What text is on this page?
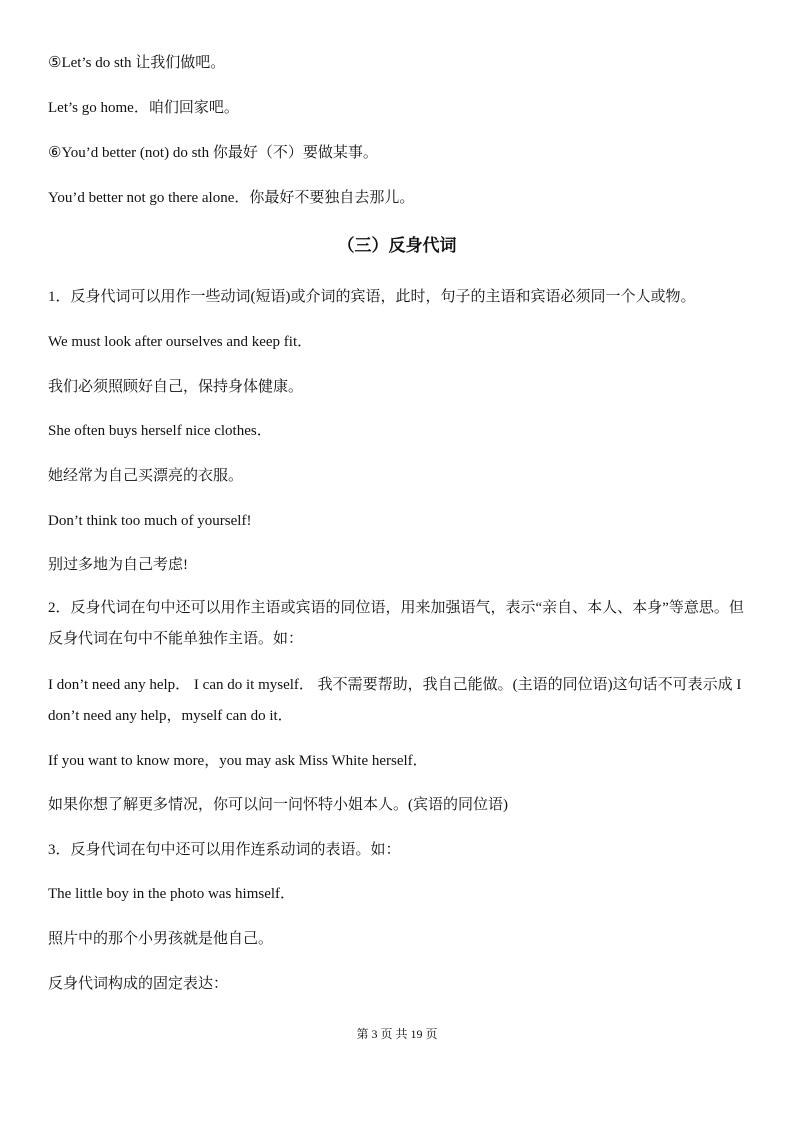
⑤Let’s do sth 让我们做吧。
Let’s go home．咱们回家吧。
⑥You’d better (not) do sth 你最好（不）要做某事。
You’d better not go there alone．你最好不要独自去那儿。
（三）反身代词
1．反身代词可以用作一些动词(短语)或介词的宾语，此时，句子的主语和宾语必须同一个人或物。
We must look after ourselves and keep fit．
我们必须照顾好自己，保持身体健康。
She often buys herself nice clothes．
她经常为自己买漂亮的衣服。
Don’t think too much of yourself!
别过多地为自己考虑!
2．反身代词在句中还可以用作主语或宾语的同位语，用来加强语气，表示“亲自、本人、本身”等意思。但反身代词在句中不能单独作主语。如：
I don’t need any help． I can do it myself． 我不需要帮助，我自己能做。(主语的同位语)这句话不可表示成 I don’t need any help，myself can do it．
If you want to know more，you may ask Miss White herself．
如果你想了解更多情况，你可以问一问怀特小姐本人。(宾语的同位语)
3．反身代词在句中还可以用作连系动词的表语。如：
The little boy in the photo was himself．
照片中的那个小男孩就是他自己。
反身代词构成的固定表达：
第 3 页 共 19 页
